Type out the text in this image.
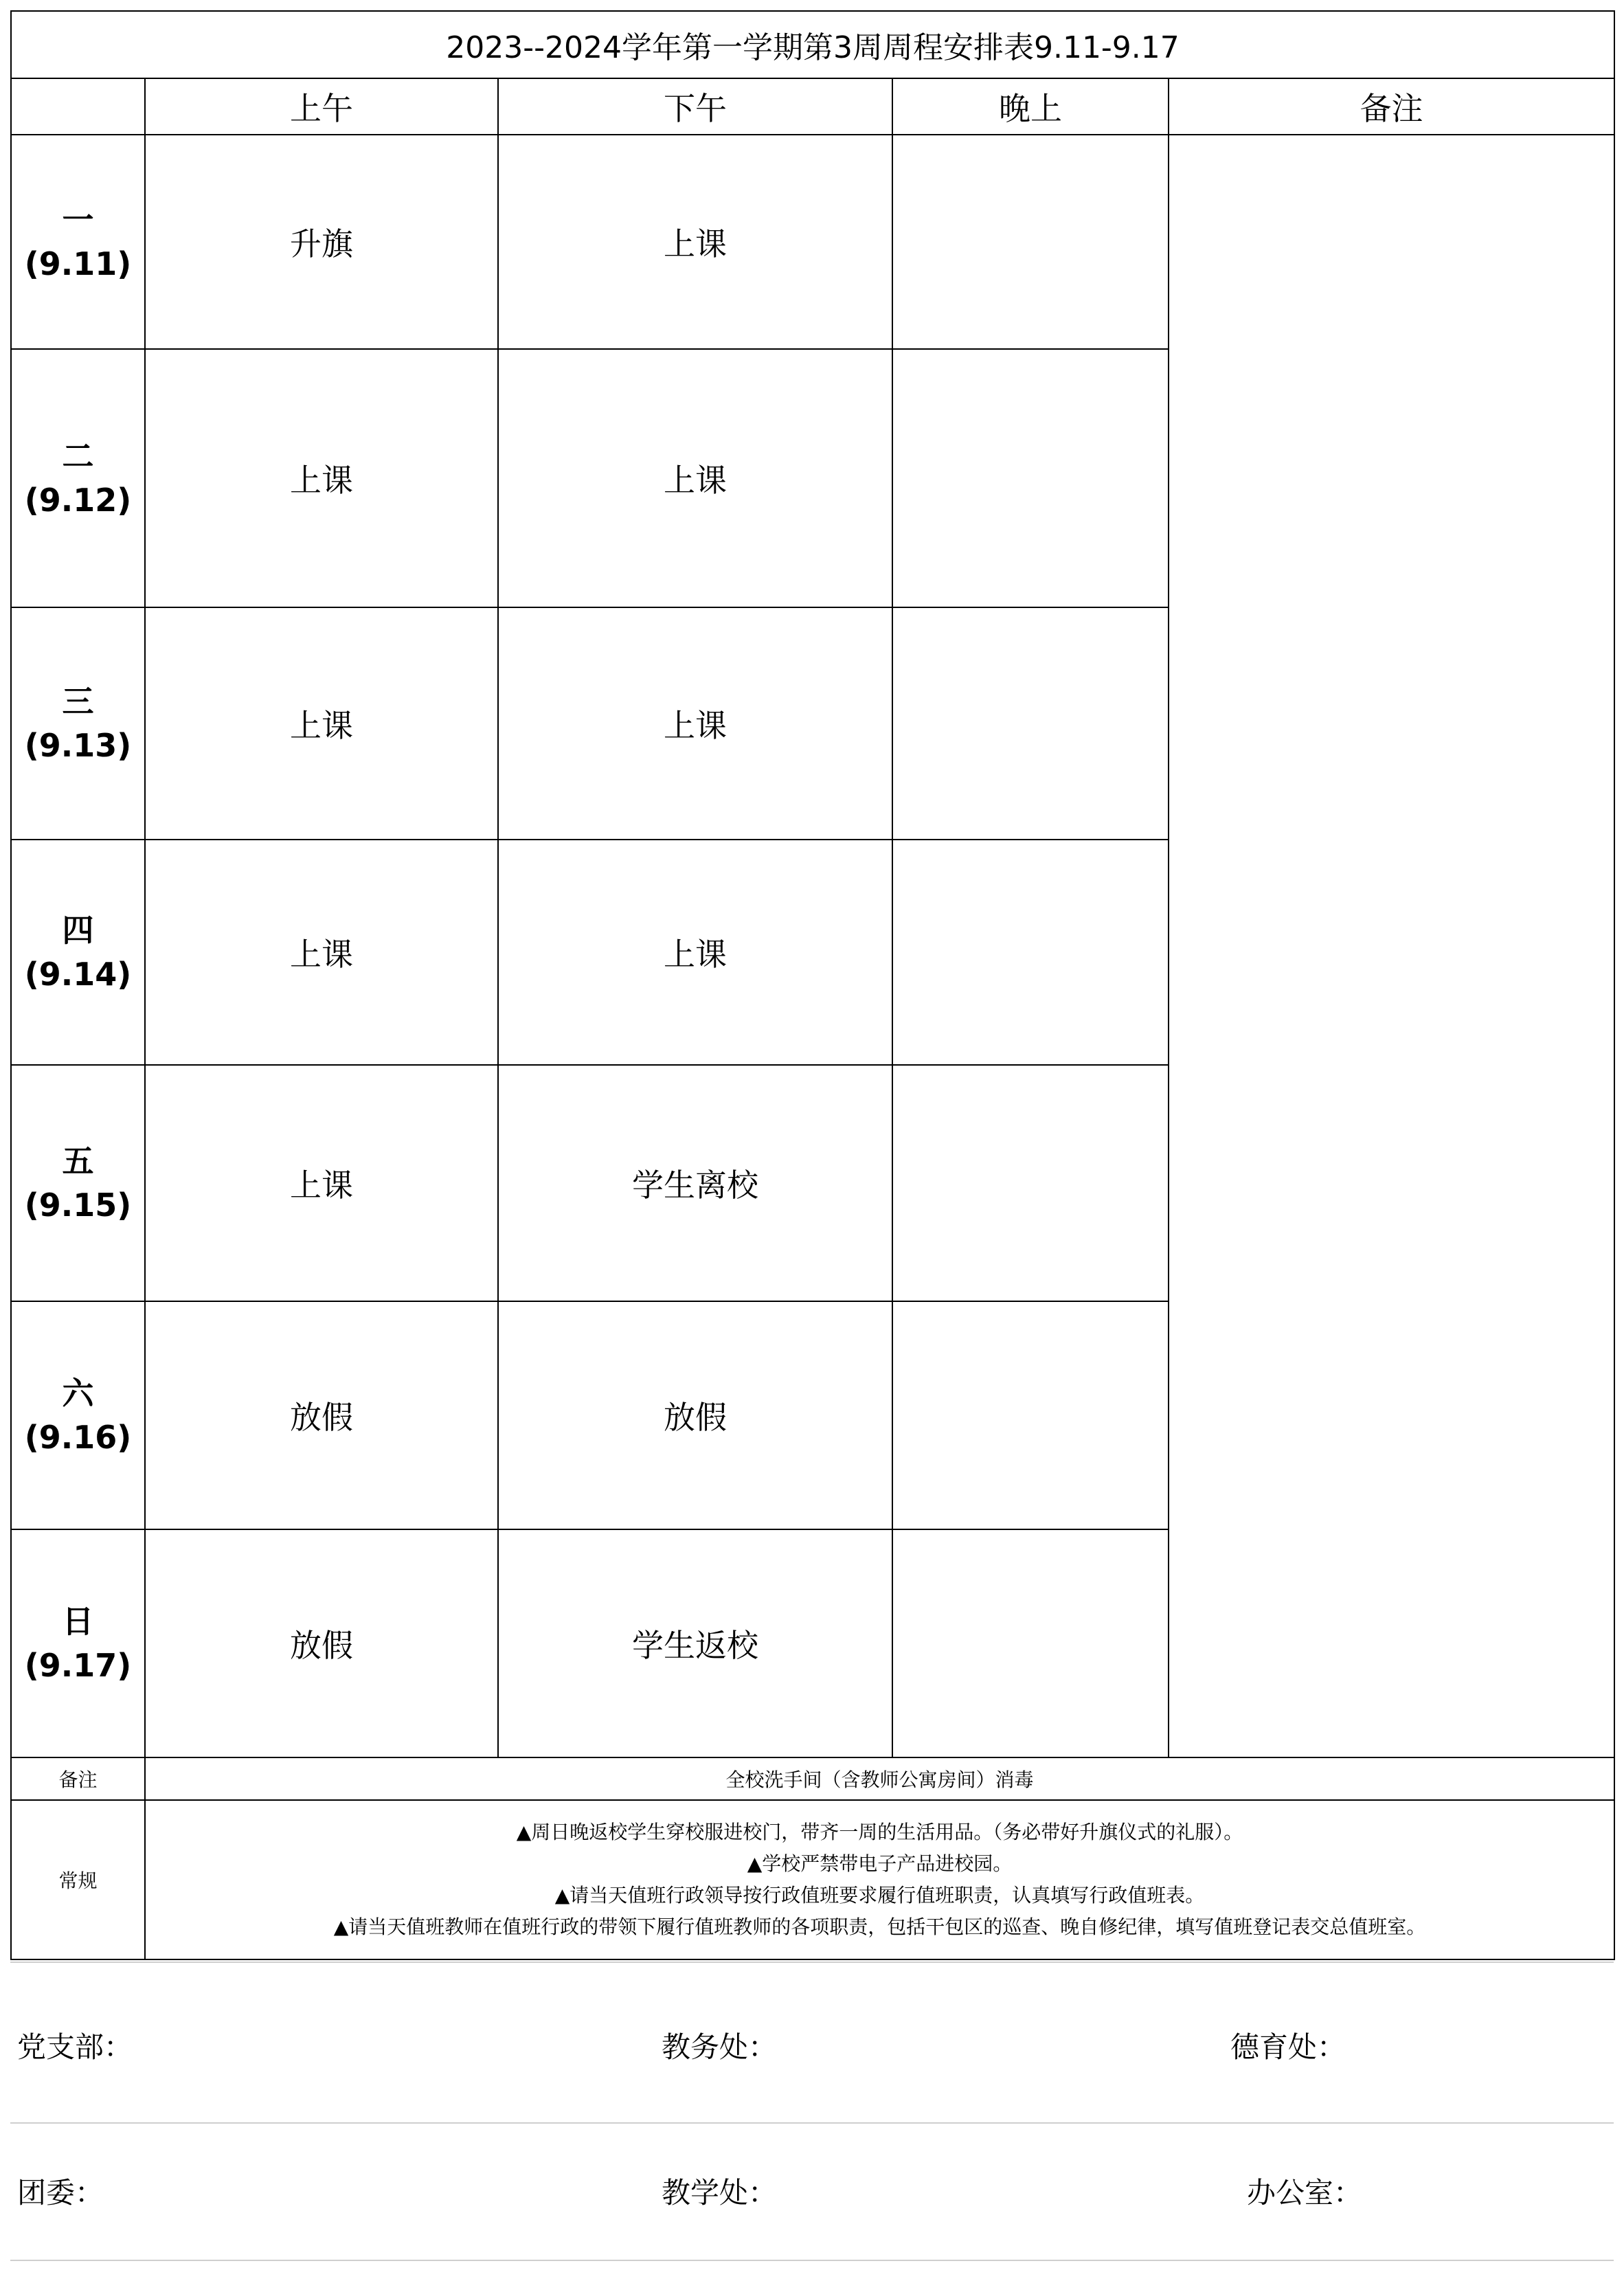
2023--2024学年第一学期第3周周程安排表9.11-9.17				
	上午	下午	晚上	备注

一
(9.11)	升旗	上课		

二
(9.12)	上课	上课		

三
(9.13)	上课	上课		

四
(9.14)	上课	上课		

五
(9.15)	上课	学生离校		

六
(9.16)	放假	放假		

日
(9.17)	放假	学生返校		
备注	全校洗手间（含教师公寓房间）消毒			
常规	▲周日晚返校学生穿校服进校门，带齐一周的生活用品。（务必带好升旗仪式的礼服）。
▲学校严禁带电子产品进校园。
▲请当天值班行政领导按行政值班要求履行值班职责，认真填写行政值班表。
▲请当天值班教师在值班行政的带领下履行值班教师的各项职责，包括干包区的巡查、晚自修纪律，填写值班登记表交总值班室。			
党支部：	教务处：	德育处：
团委：	教学处：	办公室：
